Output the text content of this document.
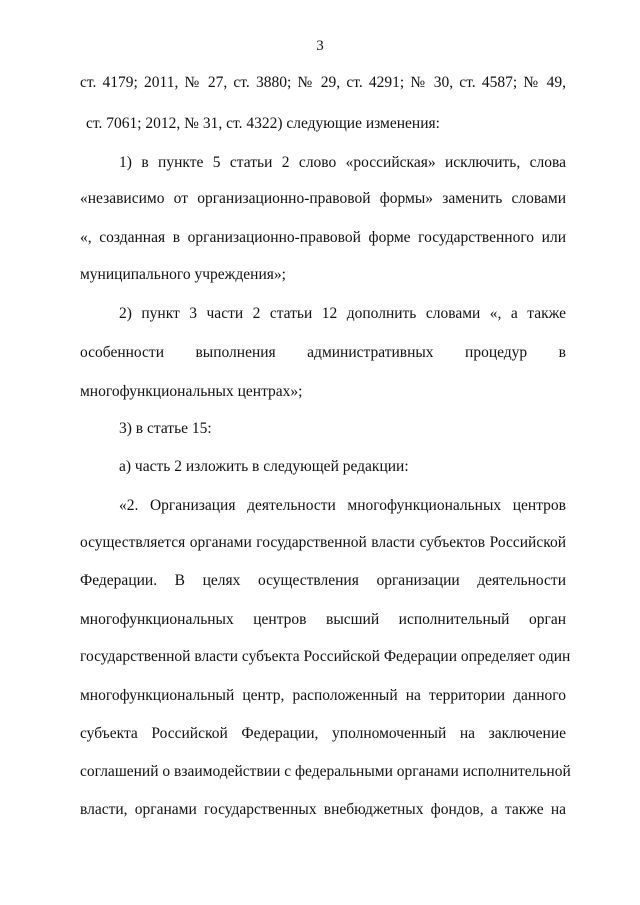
3
ст. 4179; 2011, № 27, ст. 3880; № 29, ст. 4291; № 30, ст. 4587; № 49,
ст. 7061; 2012, № 31, ст. 4322) следующие изменения:
1) в пункте 5 статьи 2 слово «российская» исключить, слова
«независимо от организационно-правовой формы» заменить словами
«, созданная в организационно-правовой форме государственного или
муниципального учреждения»;
2) пункт 3 части 2 статьи 12 дополнить словами «, а также
особенности выполнения административных процедур в
многофункциональных центрах»;
3) в статье 15:
а) часть 2 изложить в следующей редакции:
«2. Организация деятельности многофункциональных центров
осуществляется органами государственной власти субъектов Российской
Федерации. В целях осуществления организации деятельности
многофункциональных центров высший исполнительный орган
государственной власти субъекта Российской Федерации определяет один
многофункциональный центр, расположенный на территории данного
субъекта Российской Федерации, уполномоченный на заключение
соглашений о взаимодействии с федеральными органами исполнительной
власти, органами государственных внебюджетных фондов, а также на
